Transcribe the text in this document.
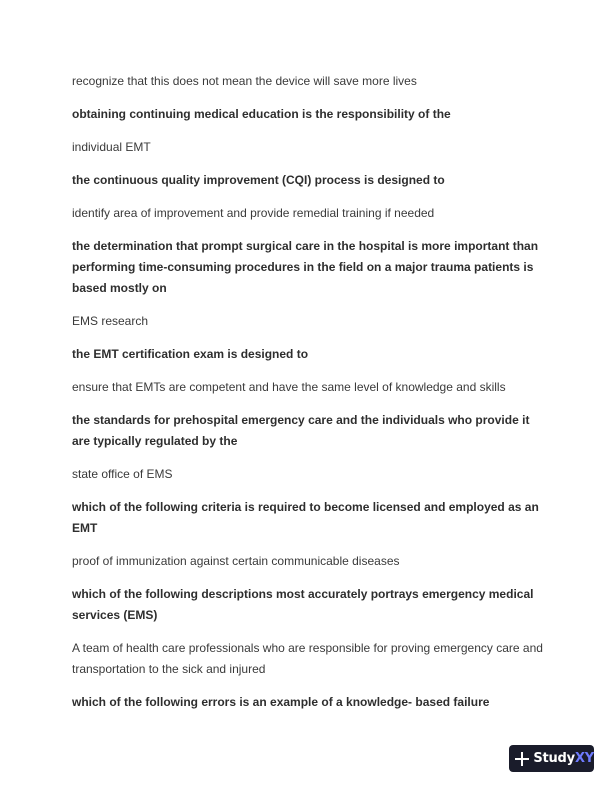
recognize that this does not mean the device will save more lives

obtaining continuing medical education is the responsibility of the

individual EMT

the continuous quality improvement (CQI) process is designed to

identify area of improvement and provide remedial training if needed

the determination that prompt surgical care in the hospital is more important than performing time-consuming procedures in the field on a major trauma patients is based mostly on

EMS research

the EMT certification exam is designed to

ensure that EMTs are competent and have the same level of knowledge and skills

the standards for prehospital emergency care and the individuals who provide it are typically regulated by the

state office of EMS

which of the following criteria is required to become licensed and employed as an EMT

proof of immunization against certain communicable diseases

which of the following descriptions most accurately portrays emergency medical services (EMS)

A team of health care professionals who are responsible for proving emergency care and transportation to the sick and injured

which of the following errors is an example of a knowledge- based failure

StudyXY
